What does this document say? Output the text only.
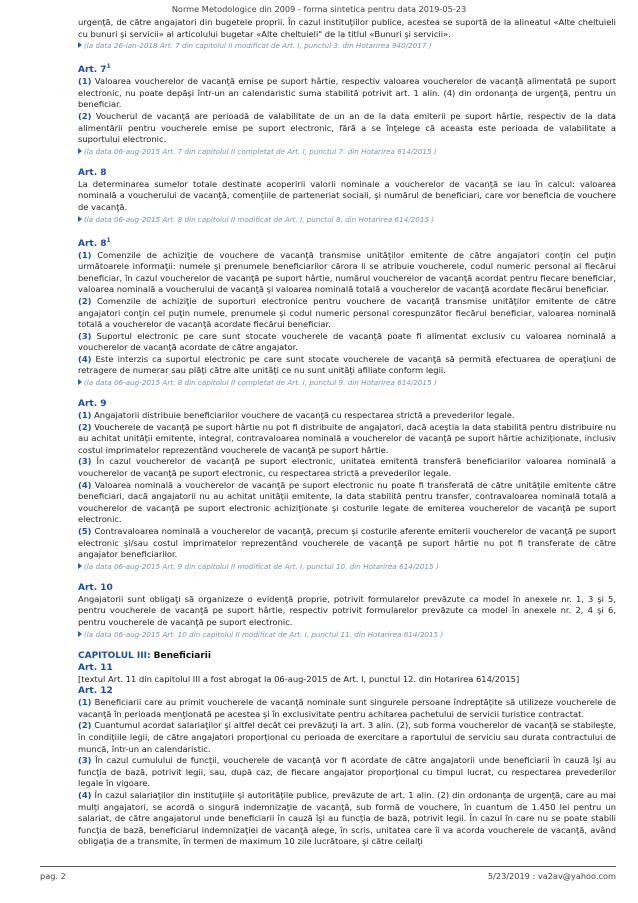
Norme Metodologice din 2009 - forma sintetica pentru data 2019-05-23

urgenţă, de către angajatori din bugetele proprii. În cazul instituţiilor publice, acestea se suportă de la alineatul «Alte cheltuieli cu bunuri şi servicii» al articolului bugetar «Alte cheltuieli" de la titlul «Bunuri şi servicii».

(la data 26-ian-2018 Art. 7 din capitolul II modificat de Art. I, punctul 3. din Hotarirea 940/2017 )

Art. $7^1$

(1) Valoarea voucherelor de vacanţă emise pe suport hârtie, respectiv valoarea voucherelor de vacanţă alimentată pe suport electronic, nu poate depăşi într-un an calendaristic suma stabilită potrivit art. 1 alin. (4) din ordonanţa de urgenţă, pentru un beneficiar.

(2) Voucherul de vacanţă are perioadă de valabilitate de un an de la data emiterii pe suport hârtie, respectiv de la data alimentării pentru voucherele emise pe suport electronic, fără a se înţelege că aceasta este perioada de valabilitate a suportului electronic.

(la data 06-aug-2015 Art. 7 din capitolul II completat de Art. I, punctul 7. din Hotarirea 614/2015 )

Art. 8

La determinarea sumelor totale destinate acoperirii valorii nominale a voucherelor de vacanţă se iau în calcul: valoarea nominală a voucherului de vacanţă, comenţiile de parteneriat sociali, şi numărul de beneficiari, care vor beneficia de vouchere de vacanţă.

(la data 06-aug-2015 Art. 8 din capitolul II modificat de Art. I, punctul 8. din Hotarirea 614/2015 )

Art. $8^1$

(1) Comenzile de achiziţie de vouchere de vacanţă transmise unităţilor emitente de către angajatori conţin cel puţin următoarele informaţii: numele şi prenumele beneficiarilor cărora li se atribuie voucherele, codul numeric personal al fiecărui beneficiar, în cazul voucherelor de vacanţă pe suport hârtie, numărul voucherelor de vacanţă acordat pentru fiecare beneficiar, valoarea nominală a voucherului de vacanţă şi valoarea nominală totală a voucherelor de vacanţă acordate fiecărui beneficiar.

(2) Comenzile de achiziţie de suporturi electronice pentru vouchere de vacanţă transmise unităţilor emitente de către angajatori conţin cel puţin numele, prenumele şi codul numeric personal corespunzător fiecărui beneficiar, valoarea nominală totală a voucherelor de vacanţă acordate fiecărui beneficiar.

(3) Suportul electronic pe care sunt stocate voucherele de vacanţă poate fi alimentat exclusiv cu valoarea nominală a voucherelor de vacanţă acordate de către angajator.

(4) Este interzis ca suportul electronic pe care sunt stocate voucherele de vacanţă să permită efectuarea de operaţiuni de retragere de numerar sau plăţi către alte unităţi ce nu sunt unităţi afiliate conform legii.

(la data 06-aug-2015 Art. 8 din capitolul II completat de Art. I, punctul 9. din Hotarirea 614/2015 )

Art. 9

(1) Angajatorii distribuie beneficiarilor vouchere de vacanţă cu respectarea strictă a prevederilor legale.

(2) Voucherele de vacanţă pe suport hârtie nu pot fi distribuite de angajatori, dacă aceştia la data stabilită pentru distribuire nu au achitat unităţii emitente, integral, contravaloarea nominală a voucherelor de vacanţă pe suport hârtie achiziţionate, inclusiv costul imprimatelor reprezentând voucherele de vacanţă pe suport hârtie.

(3) În cazul voucherelor de vacanţă pe suport electronic, unitatea emitentă transferă beneficiarilor valoarea nominală a voucherelor de vacanţă pe suport electronic, cu respectarea strictă a prevederilor legale.

(4) Valoarea nominală a voucherelor de vacanţă pe suport electronic nu poate fi transferată de către unităţile emitente către beneficiari, dacă angajatorii nu au achitat unităţii emitente, la data stabilită pentru transfer, contravaloarea nominală totală a voucherelor de vacanţă pe suport electronic achiziţionate şi costurile legate de emiterea voucherelor de vacanţă pe suport electronic.

(5) Contravaloarea nominală a voucherelor de vacanţă, precum şi costurile aferente emiterii voucherelor de vacanţă pe suport electronic şi/sau costul imprimatelor reprezentând voucherele de vacanţă pe suport hârtie nu pot fi transferate de către angajator beneficiarilor.

(la data 06-aug-2015 Art. 9 din capitolul II modificat de Art. I, punctul 10. din Hotarirea 614/2015 )

Art. 10

Angajatorii sunt obligaţi să organizeze o evidenţă proprie, potrivit formularelor prevăzute ca model în anexele nr. 1, 3 şi 5, pentru voucherele de vacanţă pe suport hârtie, respectiv potrivit formularelor prevăzute ca model în anexele nr. 2, 4 şi 6, pentru voucherele de vacanţă pe suport electronic.

(la data 06-aug-2015 Art. 10 din capitolul II modificat de Art. I, punctul 11. din Hotarirea 614/2015 )

CAPITOLUL III: Beneficiarii
Art. 11

[textul Art. 11 din capitolul III a fost abrogat la 06-aug-2015 de Art. I, punctul 12. din Hotarirea 614/2015]

Art. 12

(1) Beneficiarii care au primit voucherele de vacanţă nominale sunt singurele persoane îndreptăţite să utilizeze voucherele de vacanţă în perioada menţionată pe acestea şi în exclusivitate pentru achitarea pachetului de servicii turistice contractat.

(2) Cuantumul acordat salariaţilor şi altfel decât cei prevăzuţi la art. 3 alin. (2), sub forma voucherelor de vacanţă se stabileşte, în condiţiile legii, de către angajatori proporţional cu perioada de exercitare a raportului de serviciu sau durata contractului de muncă, într-un an calendaristic.

(3) În cazul cumulului de funcţii, voucherele de vacanţă vor fi acordate de către angajatorii unde beneficiarii în cauză îşi au funcţia de bază, potrivit legii, sau, după caz, de fiecare angajator proporţional cu timpul lucrat, cu respectarea prevederilor legale în vigoare.

(4) În cazul salariaţilor din instituţiile şi autorităţile publice, prevăzute de art. 1 alin. (2) din ordonanţa de urgenţă, care au mai mulţi angajatori, se acordă o singură indemnizaţie de vacanţă, sub formă de vouchere, în cuantum de 1.450 lei pentru un salariat, de către angajatorul unde beneficiarii în cauză îşi au funcţia de bază, potrivit legii. În cazul în care nu se poate stabili funcţia de bază, beneficiarul indemnizaţiei de vacanţă alege, în scris, unitatea care îi va acorda voucherele de vacanţă, având obligaţia de a transmite, în termen de maximum 10 zile lucrătoare, şi către ceilalţi

pag. 2	5/23/2019 : va2av@yahoo.com
